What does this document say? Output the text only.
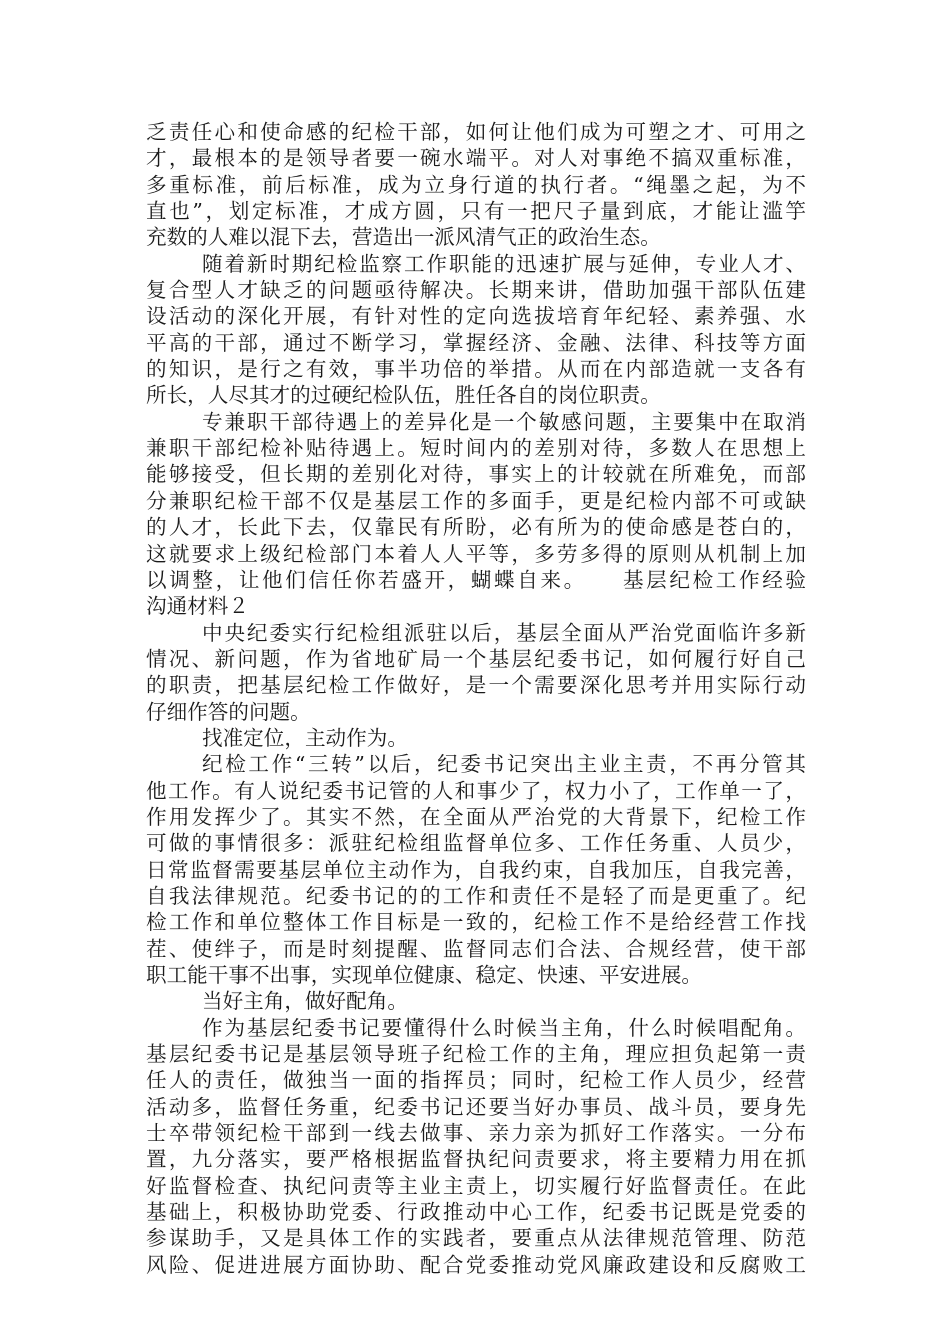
乏责任心和使命感的纪检干部，如何让他们成为可塑之才、可用之
才，最根本的是领导者要一碗水端平。对人对事绝不搞双重标准，
多重标准，前后标准，成为立身行道的执行者。“绳墨之起，为不
直也”，划定标准，才成方圆，只有一把尺子量到底，才能让滥竽
充数的人难以混下去，营造出一派风清气正的政治生态。
随着新时期纪检监察工作职能的迅速扩展与延伸，专业人才、
复合型人才缺乏的问题亟待解决。长期来讲，借助加强干部队伍建
设活动的深化开展，有针对性的定向选拔培育年纪轻、素养强、水
平高的干部，通过不断学习，掌握经济、金融、法律、科技等方面
的知识，是行之有效，事半功倍的举措。从而在内部造就一支各有
所长，人尽其才的过硬纪检队伍，胜任各自的岗位职责。
专兼职干部待遇上的差异化是一个敏感问题，主要集中在取消
兼职干部纪检补贴待遇上。短时间内的差别对待，多数人在思想上
能够接受，但长期的差别化对待，事实上的计较就在所难免，而部
分兼职纪检干部不仅是基层工作的多面手，更是纪检内部不可或缺
的人才，长此下去，仅靠民有所盼，必有所为的使命感是苍白的，
这就要求上级纪检部门本着人人平等，多劳多得的原则从机制上加
以调整，让他们信任你若盛开，蝴蝶自来。　　基层纪检工作经验
沟通材料２
中央纪委实行纪检组派驻以后，基层全面从严治党面临许多新
情况、新问题，作为省地矿局一个基层纪委书记，如何履行好自己
的职责，把基层纪检工作做好，是一个需要深化思考并用实际行动
仔细作答的问题。
找准定位，主动作为。
纪检工作“三转”以后，纪委书记突出主业主责，不再分管其
他工作。有人说纪委书记管的人和事少了，权力小了，工作单一了，
作用发挥少了。其实不然，在全面从严治党的大背景下，纪检工作
可做的事情很多：派驻纪检组监督单位多、工作任务重、人员少，
日常监督需要基层单位主动作为，自我约束，自我加压，自我完善，
自我法律规范。纪委书记的的工作和责任不是轻了而是更重了。纪
检工作和单位整体工作目标是一致的，纪检工作不是给经营工作找
茬、使绊子，而是时刻提醒、监督同志们合法、合规经营，使干部
职工能干事不出事，实现单位健康、稳定、快速、平安进展。
当好主角，做好配角。
作为基层纪委书记要懂得什么时候当主角，什么时候唱配角。
基层纪委书记是基层领导班子纪检工作的主角，理应担负起第一责
任人的责任，做独当一面的指挥员；同时，纪检工作人员少，经营
活动多，监督任务重，纪委书记还要当好办事员、战斗员，要身先
士卒带领纪检干部到一线去做事、亲力亲为抓好工作落实。一分布
置，九分落实，要严格根据监督执纪问责要求，将主要精力用在抓
好监督检查、执纪问责等主业主责上，切实履行好监督责任。在此
基础上，积极协助党委、行政推动中心工作，纪委书记既是党委的
参谋助手，又是具体工作的实践者，要重点从法律规范管理、防范
风险、促进进展方面协助、配合党委推动党风廉政建设和反腐败工
